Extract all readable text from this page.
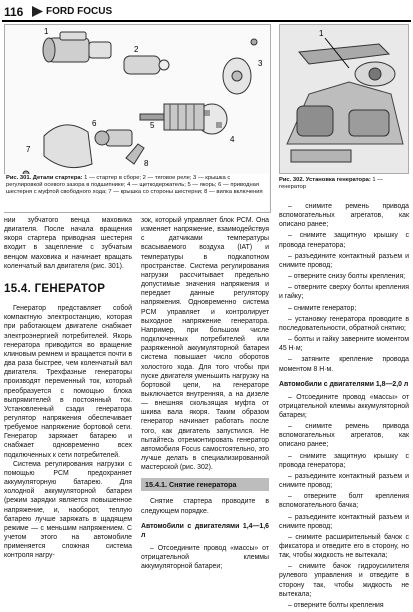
116 FORD FOCUS
1
2
3
4
5
6
7
8
Рис. 301. Детали стартера: 1 — стартер в сборе; 2 — тяговое реле; 3 — крышка с регулировкой осевого зазора в подшипнике; 4 — щеткодержатель; 5 — якорь; 6 — приводная шестерня с муфтой свободного хода; 7 — крышка со стороны шестерни; 8 — вилка включения
1
Рис. 302. Установка генератора: 1 — генератор

нии зубчатого венца маховика двигателя. После начала вращения якоря стартера приводная шестерня входит в зацепление с зубчатым венцом маховика и начинает вращать коленчатый вал двигателя (рис. 301).

15.4. ГЕНЕРАТОР

Генератор представляет собой компактную электростанцию, которая при работающем двигателе снабжает электроэнергией потребителей. Якорь генератора приводится во вращение клиновым ремнем и вращается почти в два раза быстрее, чем коленчатый вал двигателя. Трехфазные генераторы производят переменный ток, который преобразуется с помощью блока выпрямителей в постоянный ток. Установленный сзади генератора регулятор напряжения обеспечивает требуемое напряжение бортовой сети. Генератор заряжает батарею и снабжает одновременно всех подключенных к сети потребителей.

Система регулирования нагрузки с помощью PCM предохраняет аккумуляторную батарею. Для холодной аккумуляторной батареи (режим зарядки является повышенное напряжение, и, наоборот, теплую батарею лучше заряжать в щадящем режиме — с меньшим напряжением. С учетом этого на автомобиле применяется сложная система контроля нагру-

зок, который управляет блок PCM. Она изменяет напряжение, взаимодействуя с датчиками температуры всасываемого воздуха (IAT) и температуры в подкапотном пространстве. Система регулирования нагрузки рассчитывает предельно допустимые значения напряжения и передает данные регулятору напряжения. Одновременно система PCM управляет и контролирует выходное напряжение генератора. Например, при большом числе подключенных потребителей или разряженной аккумуляторной батареи система повышает число оборотов холостого хода. Для того чтобы при пуске двигателя уменьшить нагрузку на бортовой цепи, на генераторе выключается внутренняя, а на дизеле — внешняя скользящая муфта от шкива вала якоря. Таким образом генератор начинает работать после того, как двигатель запустился. Не пытайтесь отремонтировать генератор автомобиля Focus самостоятельно, это лучше делать в специализированной мастерской (рис. 302).

15.4.1. Снятие генератора

Снятие стартера проводите в следующем порядке.

Автомобили с двигателями 1,4—1,6 л

– Отсоедините провод «массы» от отрицательной клеммы аккумуляторной батареи;

– снимите ремень привода вспомогательных агрегатов, как описано ранее;

– снимите защитную крышку с провода генератора;

– разъедините контактный разъем и снимите провод;

– отверните снизу болты крепления;

– отверните сверху болты крепления и гайку;

– снимите генератор;

– установку генератора проводите в последовательности, обратной снятию;

– болты и гайку заверните моментом 45 Н·м;

– затяните крепление провода моментом 8 Н·м.

Автомобили с двигателями 1,8—2,0 л

– Отсоедините провод «массы» от отрицательной клеммы аккумуляторной батареи;

– снимите ремень привода вспомогательных агрегатов, как описано ранее;

– снимите защитную крышку с провода генератора;

– разъедините контактный разъем и снимите провод;

– отверните болт крепления вспомогательного бачка;

– разъедините контактный разъем и снимите провод;

– снимите расширительный бачок с фиксатора и отведите его в сторону, но так, чтобы жидкость не вытекала;

– снимите бачок гидроусилителя рулевого управления и отведите в сторону так, чтобы жидкость не вытекала;

– отверните болты крепления
